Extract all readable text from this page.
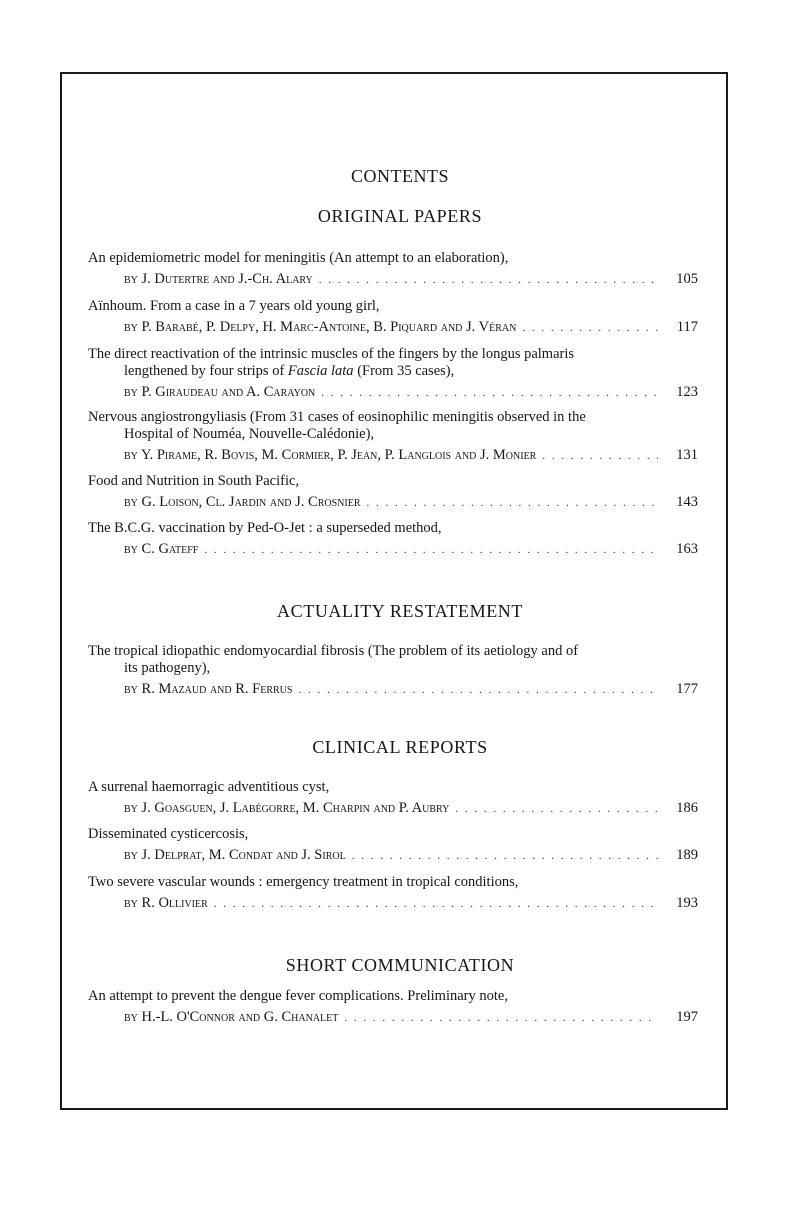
CONTENTS
ORIGINAL PAPERS
An epidemiometric model for meningitis (An attempt to an elaboration),
by J. Dutertre and J.-Ch. Alary . . .	105
Aïnhoum. From a case in a 7 years old young girl,
by P. Barabé, P. Delpy, H. Marc-Antoine, B. Piquard and J. Véran . . .	117
The direct reactivation of the intrinsic muscles of the fingers by the longus palmaris
lengthened by four strips of Fascia lata (From 35 cases),
by P. Giraudeau and A. Carayon . . .	123
Nervous angiostrongyliasis (From 31 cases of eosinophilic meningitis observed in the
Hospital of Nouméa, Nouvelle-Calédonie),
by Y. Pirame, R. Bovis, M. Cormier, P. Jean, P. Langlois and J. Monier . . .	131
Food and Nutrition in South Pacific,
by G. Loison, Cl. Jardin and J. Crosnier . . .	143
The B.C.G. vaccination by Ped-O-Jet : a superseded method,
by C. Gateff . . .	163
ACTUALITY RESTATEMENT
The tropical idiopathic endomyocardial fibrosis (The problem of its aetiology and of
its pathogeny),
by R. Mazaud and R. Ferrus . . .	177
CLINICAL REPORTS
A surrenal haemorragic adventitious cyst,
by J. Goasguen, J. Labégorre, M. Charpin and P. Aubry . . .	186
Disseminated cysticercosis,
by J. Delprat, M. Condat and J. Sirol . . .	189
Two severe vascular wounds : emergency treatment in tropical conditions,
by R. Ollivier . . .	193
SHORT COMMUNICATION
An attempt to prevent the dengue fever complications. Preliminary note,
by H.-L. O'Connor and G. Chanalet . . .	197
